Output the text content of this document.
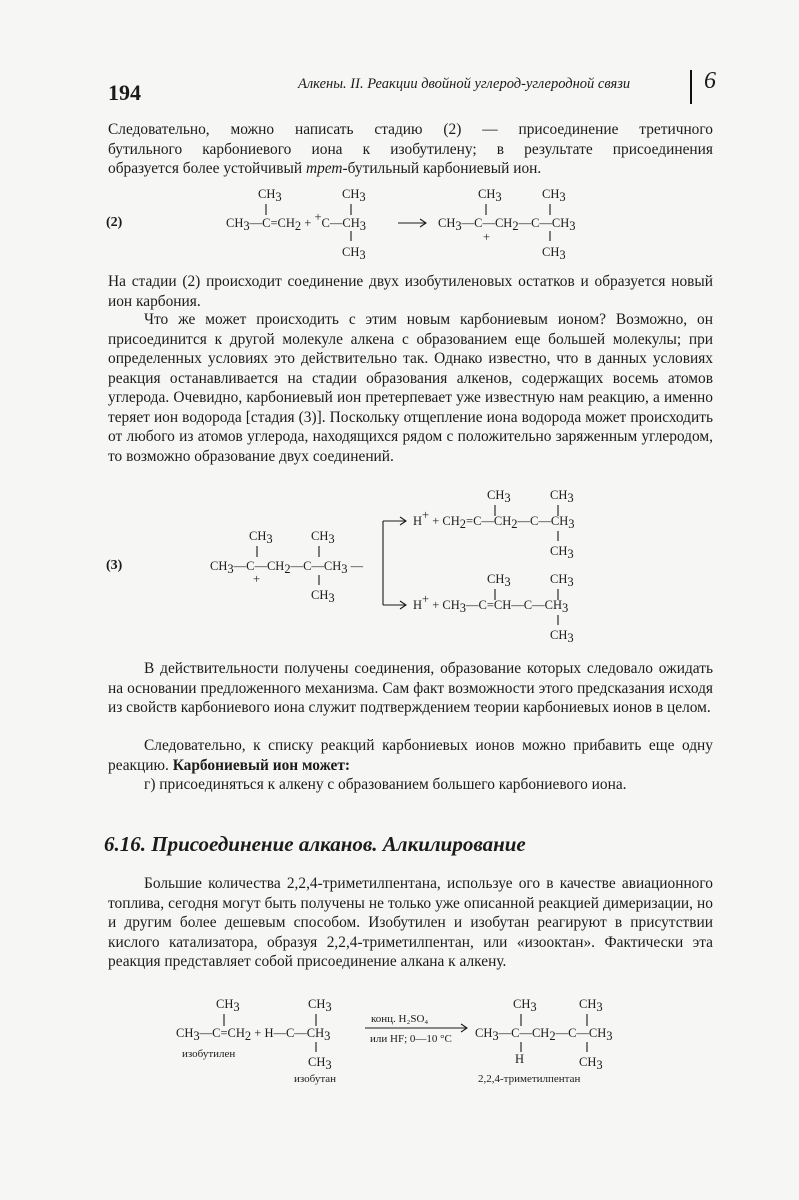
194	Алкены. II. Реакции двойной углерод-углеродной связи	6
Следовательно, можно написать стадию (2) — присоединение третичного
бутильного карбониевого иона к изобутилену; в результате присоединения
образуется более устойчивый трет-бутильный карбониевый ион.
(2)
CH3
CH3—C=CH2 + +C—CH3
CH3
CH3
CH3	CH3
CH3—C—CH2—C—CH3
+
CH3

На стадии (2) происходит соединение двух изобутиленовых остатков и образуется новый ион карбония.

Что же может происходить с этим новым карбониевым ионом? Возможно, он присоединится к другой молекуле алкена с образованием еще большей молекулы; при определенных условиях это действительно так. Однако известно, что в данных условиях реакция останавливается на стадии образования алкенов, содержащих восемь атомов углерода. Очевидно, карбониевый ион претерпевает уже известную нам реакцию, а именно теряет ион водорода [стадия (3)]. Поскольку отщепление иона водорода может происходить от любого из атомов углерода, находящихся рядом с положительно заряженным углеродом, то возможно образование двух соединений.

(3)
CH3	CH3
CH3—C—CH2—C—CH3 —
+
CH3
CH3	CH3
H+ + CH2=C—CH2—C—CH3
CH3
CH3	CH3
H+ + CH3—C=CH—C—CH3
CH3

В действительности получены соединения, образование которых следовало ожидать на основании предложенного механизма. Сам факт возможности этого предсказания исходя из свойств карбониевого иона служит подтверждением теории карбониевых ионов в целом.

Следовательно, к списку реакций карбониевых ионов можно прибавить еще одну реакцию. Карбониевый ион может:

г) присоединяться к алкену с образованием большего карбониевого иона.

6.16. Присоединение алканов. Алкилирование

Большие количества 2,2,4-триметилпентана, используе ого в качестве авиационного топлива, сегодня могут быть получены не только уже описанной реакцией димеризации, но и другим более дешевым способом. Изобутилен и изобутан реагируют в присутствии кислого катализатора, образуя 2,2,4-триметилпентан, или «изооктан». Фактически эта реакция представляет собой присоединение алкана к алкену.

CH3
CH3—C=CH2 + H—C—CH3
CH3
CH3
изобутилен
изобутан
конц. H₂SO₄
или HF; 0—10 °C
CH3	CH3
CH3—C—CH2—C—CH3
H	CH3
2,2,4-триметилпентан
